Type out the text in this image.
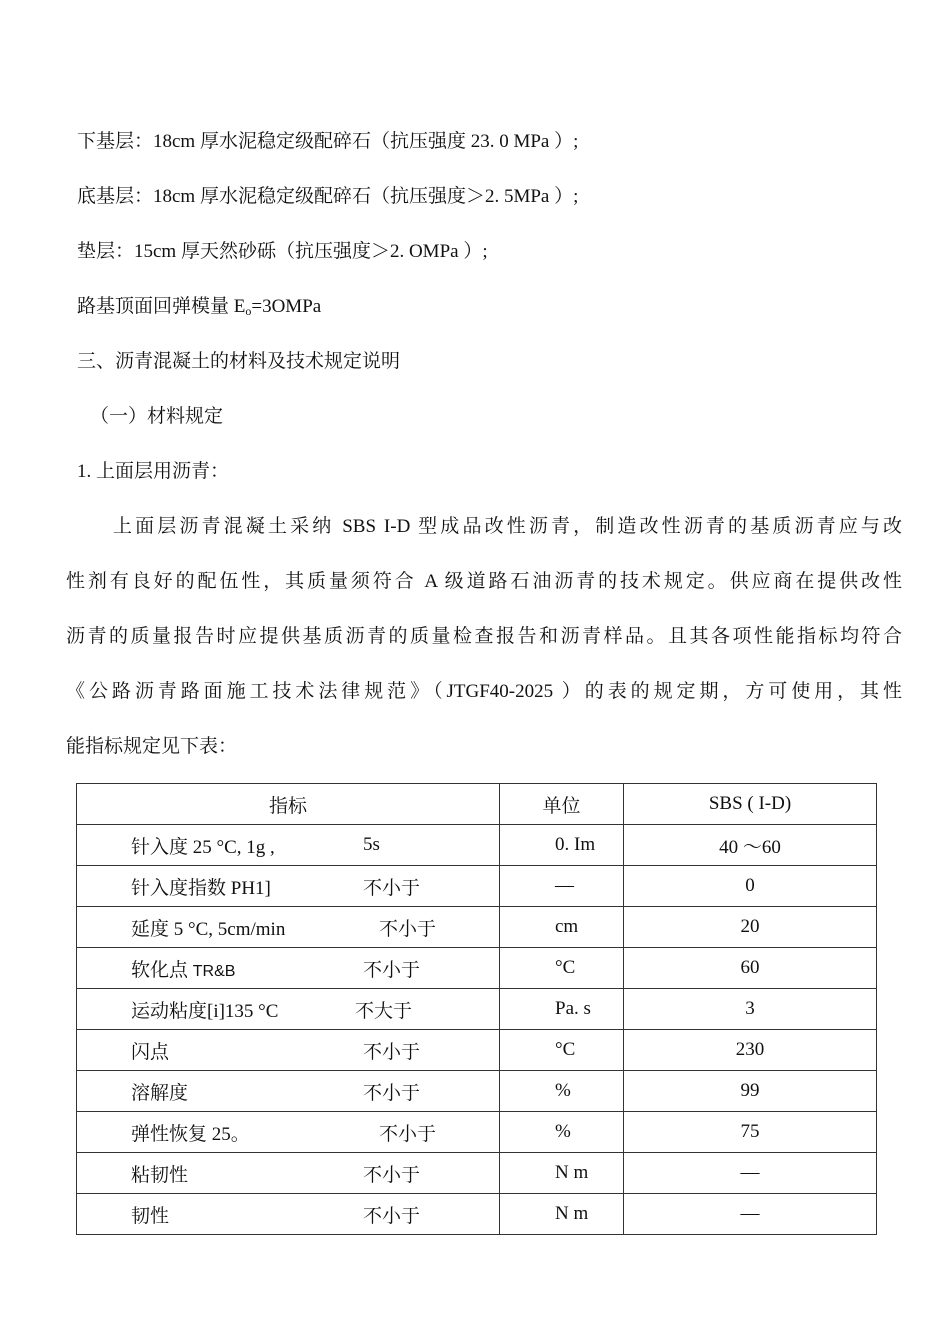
下基层：18cm 厚水泥稳定级配碎石（抗压强度 23. 0 MPa ）;
底基层：18cm 厚水泥稳定级配碎石（抗压强度＞2. 5MPa ）;
垫层：15cm 厚天然砂砾（抗压强度＞2. OMPa ）;
路基顶面回弹模量 $E_o=3OMPa$
三、沥青混凝土的材料及技术规定说明
（一）材料规定
1. 上面层用沥青：
上面层沥青混凝土采纳 SBS I-D 型成品改性沥青，制造改性沥青的基质沥青应与改
性剂有良好的配伍性，其质量须符合 A 级道路石油沥青的技术规定。供应商在提供改性
沥青的质量报告时应提供基质沥青的质量检查报告和沥青样品。且其各项性能指标均符合
《公路沥青路面施工技术法律规范》（JTGF40-2025 ）的表的规定期，方可使用，其性
能指标规定见下表：
指标	单位	SBS ( I-D)

针入度 25 °C, 1g , 5s	0. Im	40 〜60

针入度指数 PH1] 不小于	—	0

延度 5 °C, 5cm/min 不小于	cm	20

软化点 TR&B 不小于	°C	60

运动粘度[i]135 °C 不大于	Pa. s	3

闪点 不小于	°C	230

溶解度 不小于	%	99

弹性恢复 25。 不小于	%	75

粘韧性 不小于	N m	—

韧性 不小于	N m	—
